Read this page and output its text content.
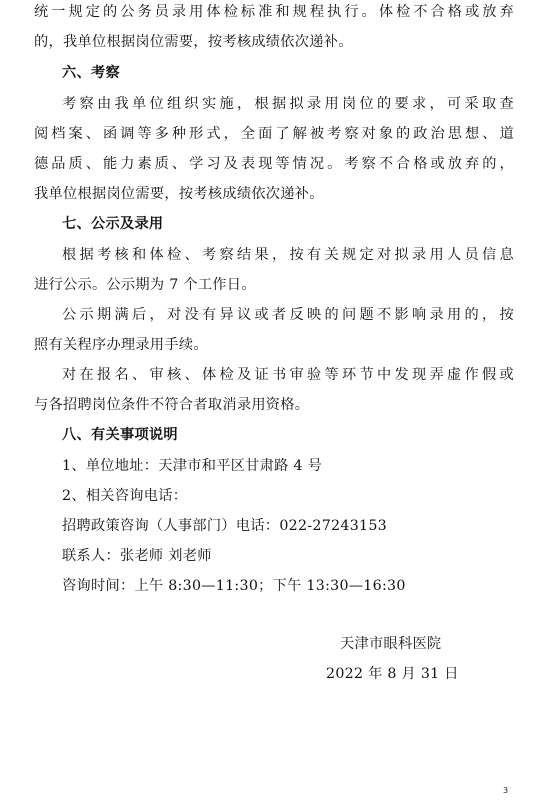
统一规定的公务员录用体检标准和规程执行。体检不合格或放弃
的，我单位根据岗位需要，按考核成绩依次递补。
六、考察
考察由我单位组织实施，根据拟录用岗位的要求，可采取查
阅档案、函调等多种形式，全面了解被考察对象的政治思想、道
德品质、能力素质、学习及表现等情况。考察不合格或放弃的，
我单位根据岗位需要，按考核成绩依次递补。
七、公示及录用
根据考核和体检、考察结果，按有关规定对拟录用人员信息
进行公示。公示期为 7 个工作日。
公示期满后，对没有异议或者反映的问题不影响录用的，按
照有关程序办理录用手续。
对在报名、审核、体检及证书审验等环节中发现弄虚作假或
与各招聘岗位条件不符合者取消录用资格。
八、有关事项说明
1、单位地址：天津市和平区甘肃路 4 号
2、相关咨询电话：
招聘政策咨询（人事部门）电话：022-27243153
联系人：张老师 刘老师
咨询时间：上午 8:30—11:30；下午 13:30—16:30
天津市眼科医院
2022 年 8 月 31 日
3
